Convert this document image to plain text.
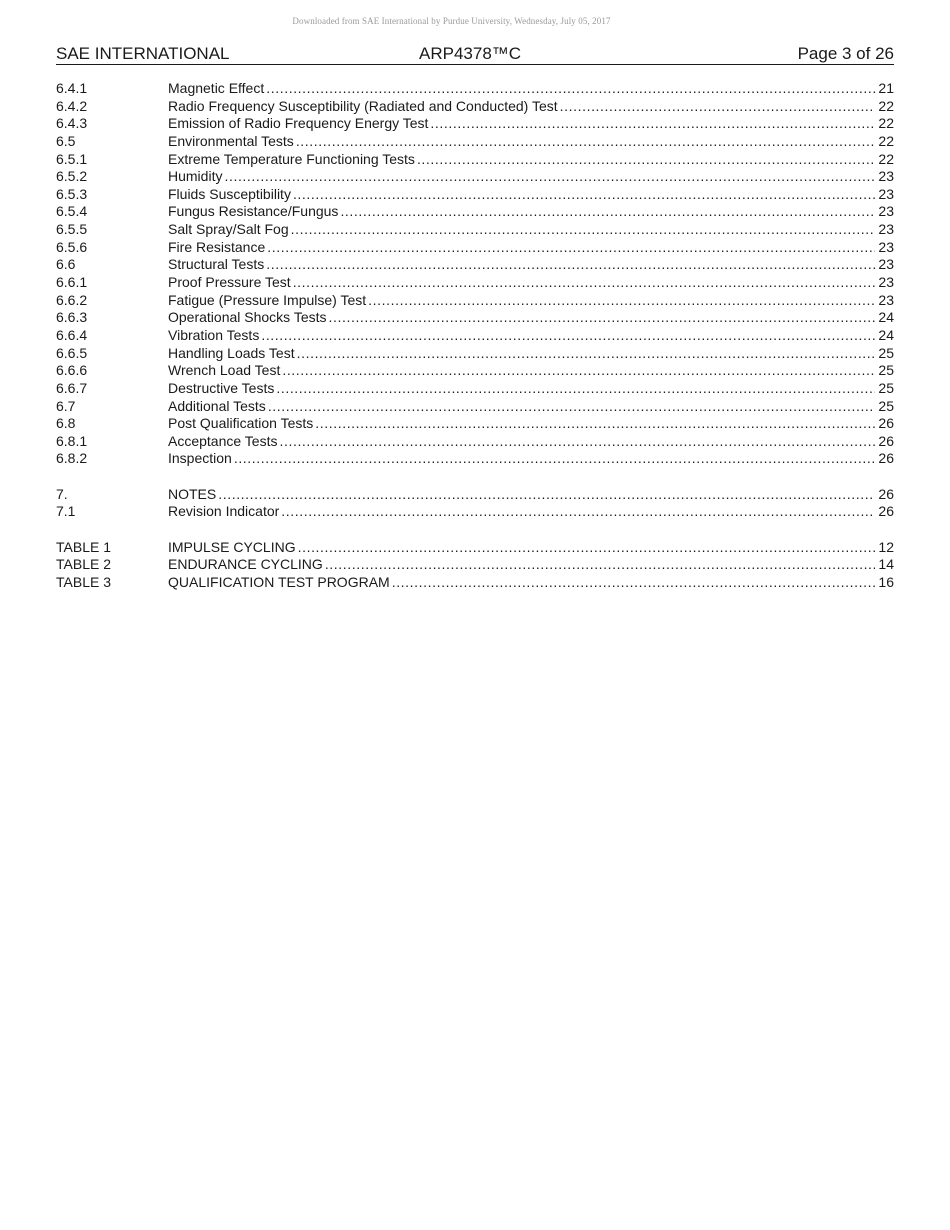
Downloaded from SAE International by Purdue University, Wednesday, July 05, 2017
SAE INTERNATIONAL	ARP4378™C	Page 3 of 26
6.4.1	Magnetic Effect .....	21
6.4.2	Radio Frequency Susceptibility (Radiated and Conducted) Test .....	22
6.4.3	Emission of Radio Frequency Energy Test .....	22
6.5	Environmental Tests .....	22
6.5.1	Extreme Temperature Functioning Tests .....	22
6.5.2	Humidity .....	23
6.5.3	Fluids Susceptibility .....	23
6.5.4	Fungus Resistance/Fungus .....	23
6.5.5	Salt Spray/Salt Fog .....	23
6.5.6	Fire Resistance .....	23
6.6	Structural Tests .....	23
6.6.1	Proof Pressure Test .....	23
6.6.2	Fatigue (Pressure Impulse) Test .....	23
6.6.3	Operational Shocks Tests .....	24
6.6.4	Vibration Tests .....	24
6.6.5	Handling Loads Test .....	25
6.6.6	Wrench Load Test .....	25
6.6.7	Destructive Tests .....	25
6.7	Additional Tests .....	25
6.8	Post Qualification Tests .....	26
6.8.1	Acceptance Tests .....	26
6.8.2	Inspection .....	26
7.	NOTES .....	26
7.1	Revision Indicator .....	26
TABLE 1	IMPULSE CYCLING .....	12
TABLE 2	ENDURANCE CYCLING .....	14
TABLE 3	QUALIFICATION TEST PROGRAM .....	16
